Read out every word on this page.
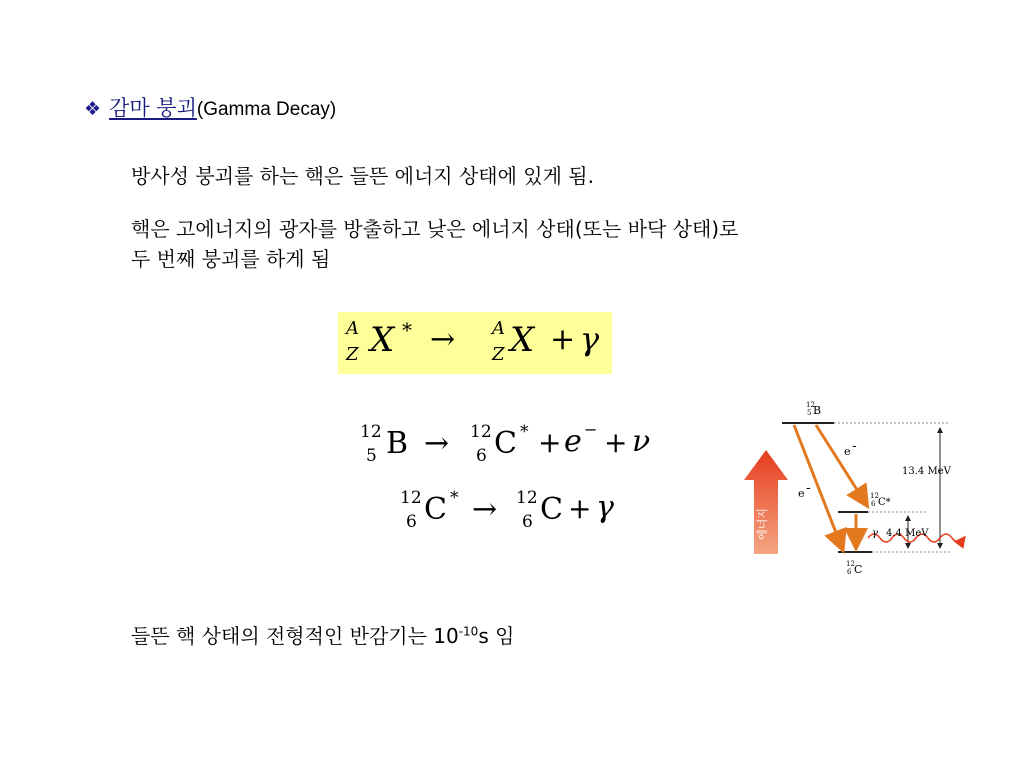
❖ 감마 붕괴(Gamma Decay)
방사성 붕괴를 하는 핵은 들뜬 에너지 상태에 있게 됨.
핵은 고에너지의 광자를 방출하고 낮은 에너지 상태(또는 바닥 상태)로
두 번째 붕괴를 하게 됨
A
Z X * → A
Z X + γ
12
5 B → 12
6 C * + e − + ν
12
6 C * → 12
6 C + γ	에너지
12
5 B
12
6 C*
12
6 C
e -
e -
13.4 MeV
γ 4.4 MeV
들뜬 핵 상태의 전형적인 반감기는 $10^{-10}s$ 임
